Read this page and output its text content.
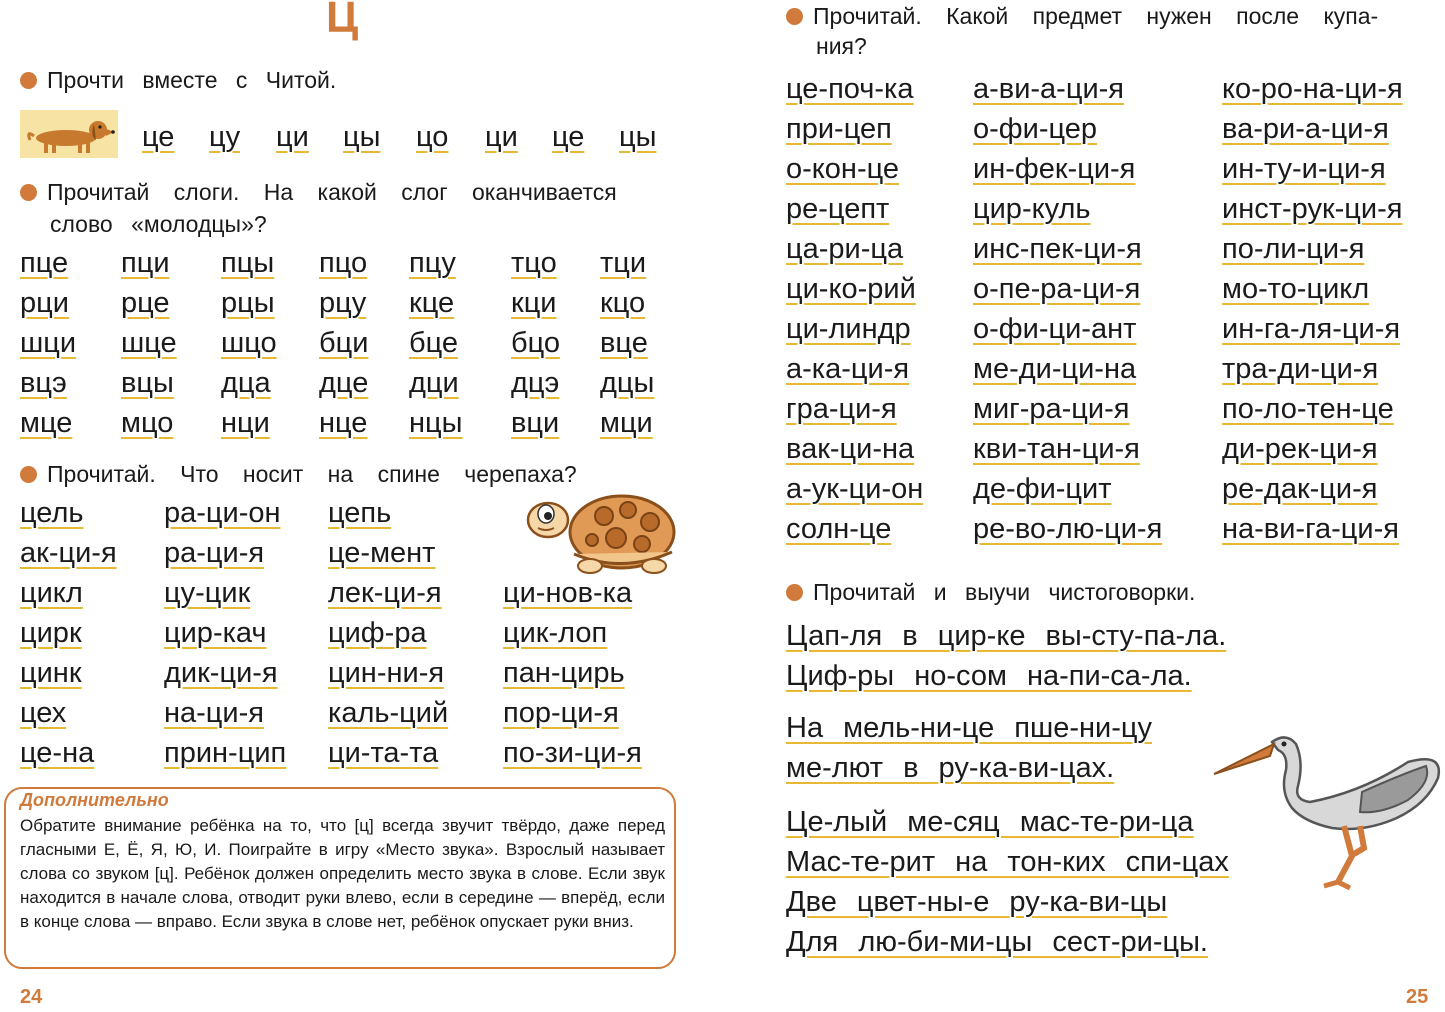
Ц
Прочти вместе с Читой.
це цу ци цы цо ци це цы
Прочитай слоги. На какой слог оканчивается
слово «молодцы»?
пце пци пцы пцо пцу тцо тци
рци рце рцы рцу кце кци кцо
шци шце шцо бци бце бцо вце
вцэ вцы дца дце дци дцэ дцы
мце мцо нци нце нцы вци мци
Прочитай. Что носит на спине черепаха?
цель
ак-ци-я
цикл
цирк
цинк
цех
це-на
ра-ци-он
ра-ци-я
цу-цик
цир-кач
дик-ци-я
на-ци-я
прин-цип
цепь
це-мент
лек-ци-я
циф-ра
цин-ни-я
каль-ций
ци-та-та
ци-нов-ка
цик-лоп
пан-цирь
пор-ци-я
по-зи-ци-я
Дополнительно
Обратите внимание ребёнка на то, что [ц] всегда звучит твёрдо, даже перед гласными Е, Ё, Я, Ю, И. Поиграйте в игру «Место звука». Взрослый называет слова со звуком [ц]. Ребёнок должен определить место звука в слове. Если звук находится в начале слова, отводит руки влево, если в середине — вперёд, если в конце слова — вправо. Если звука в слове нет, ребёнок опускает руки вниз.
24
Прочитай. Какой предмет нужен после купа-
ния?
це-поч-ка
при-цеп
о-кон-це
ре-цепт
ца-ри-ца
ци-ко-рий
ци-линдр
а-ка-ци-я
гра-ци-я
вак-ци-на
а-ук-ци-он
солн-це
а-ви-а-ци-я
о-фи-цер
ин-фек-ци-я
цир-куль
инс-пек-ци-я
о-пе-ра-ци-я
о-фи-ци-ант
ме-ди-ци-на
миг-ра-ци-я
кви-тан-ци-я
де-фи-цит
ре-во-лю-ци-я
ко-ро-на-ци-я
ва-ри-а-ци-я
ин-ту-и-ци-я
инст-рук-ци-я
по-ли-ци-я
мо-то-цикл
ин-га-ля-ци-я
тра-ди-ци-я
по-ло-тен-це
ди-рек-ци-я
ре-дак-ци-я
на-ви-га-ци-я
Прочитай и выучи чистоговорки.
Цап-ля в цир-ке вы-сту-па-ла.
Циф-ры но-сом на-пи-са-ла.
На мель-ни-це пше-ни-цу
ме-лют в ру-ка-ви-цах.
Це-лый ме-сяц мас-те-ри-ца
Мас-те-рит на тон-ких спи-цах
Две цвет-ны-е ру-ка-ви-цы
Для лю-би-ми-цы сест-ри-цы.
25
